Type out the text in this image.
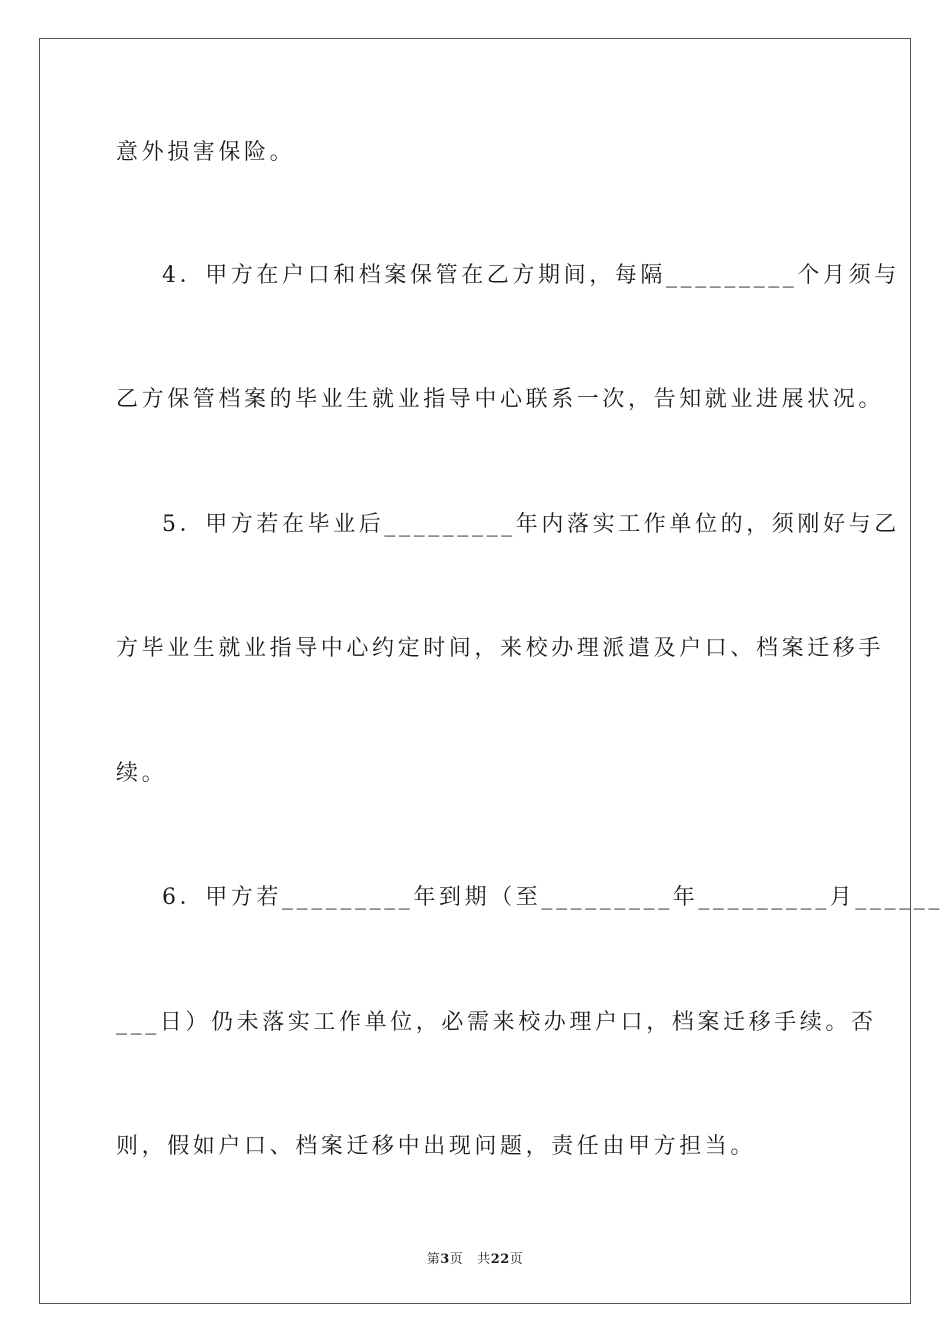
意外损害保险。
4．甲方在户口和档案保管在乙方期间，每隔_________个月须与
乙方保管档案的毕业生就业指导中心联系一次，告知就业进展状况。
5．甲方若在毕业后_________年内落实工作单位的，须刚好与乙
方毕业生就业指导中心约定时间，来校办理派遣及户口、档案迁移手
续。
6．甲方若_________年到期（至_________年_________月______
___日）仍未落实工作单位，必需来校办理户口，档案迁移手续。否
则，假如户口、档案迁移中出现问题，责任由甲方担当。
第3页 共22页
